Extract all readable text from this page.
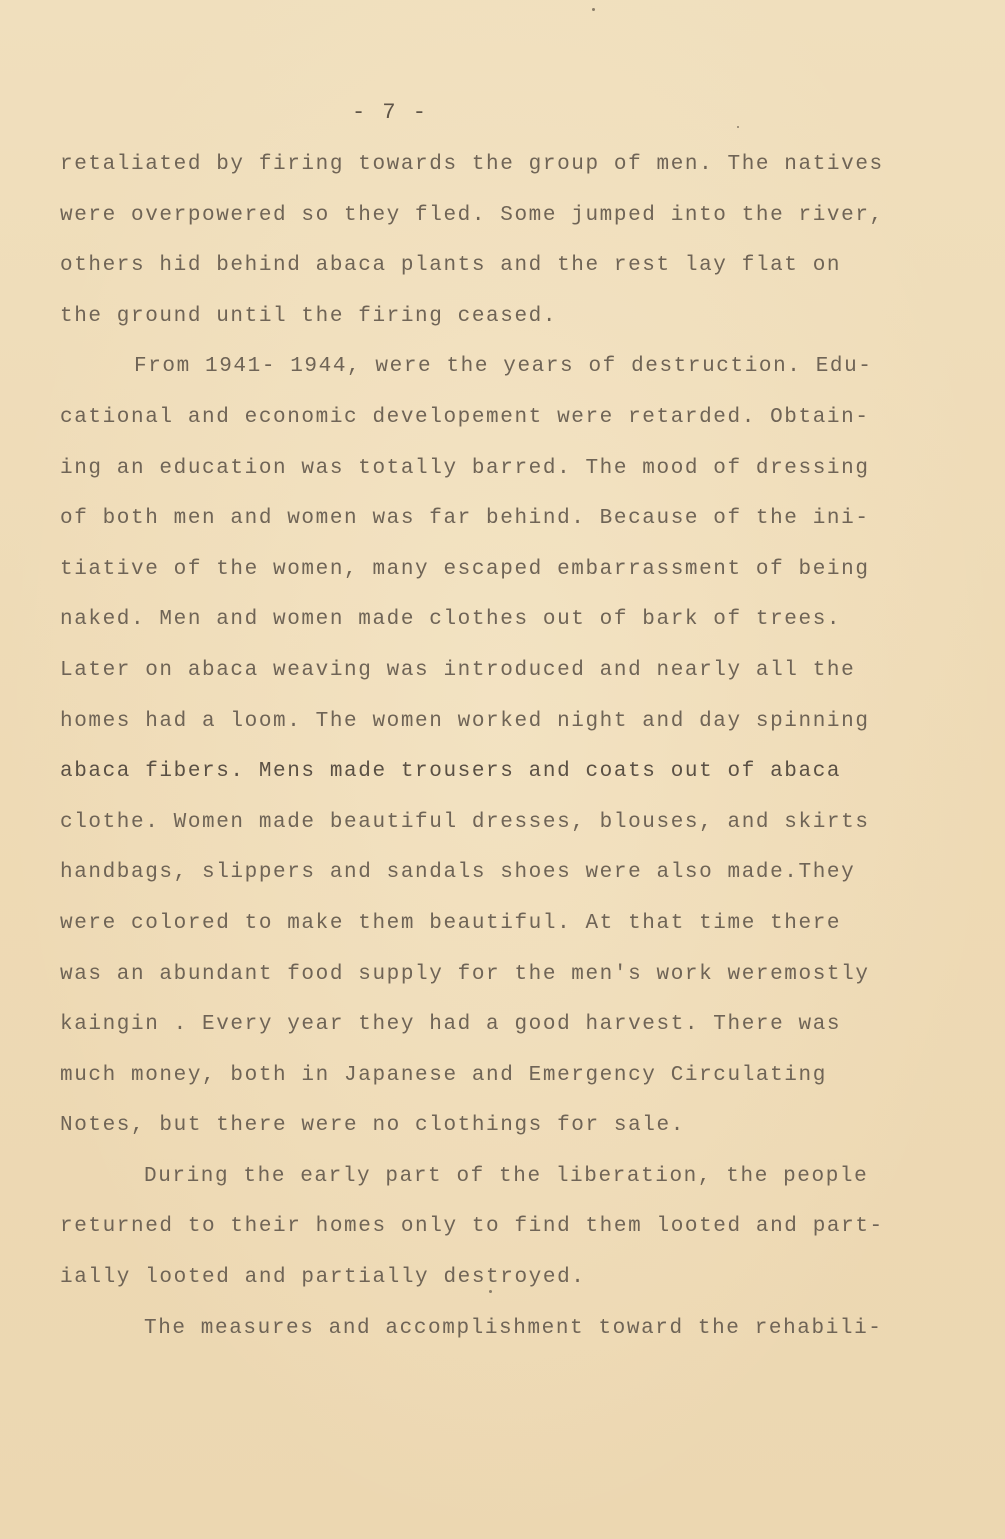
- 7 -
retaliated by firing towards the group of men. The natives
were overpowered so they fled. Some jumped into the river,
others hid behind abaca plants and the rest lay flat on
the ground until the firing ceased.
From 1941- 1944, were the years of destruction. Edu-
cational and economic developement were retarded. Obtain-
ing an education was totally barred. The mood of dressing
of both men and women was far behind. Because of the ini-
tiative of the women, many escaped embarrassment of being
naked. Men and women made clothes out of bark of trees.
Later on abaca weaving was introduced and nearly all the
homes had a loom. The women worked night and day spinning
abaca fibers. Mens made trousers and coats out of abaca
clothe. Women made beautiful dresses, blouses, and skirts
handbags, slippers and sandals shoes were also made.They
were colored to make them beautiful. At that time there
was an abundant food supply for the men's work weremostly
kaingin . Every year they had a good harvest. There was
much money, both in Japanese and Emergency Circulating
Notes, but there were no clothings for sale.
During the early part of the liberation, the people
returned to their homes only to find them looted and part-
ially looted and partially destroyed.
The measures and accomplishment toward the rehabili-
